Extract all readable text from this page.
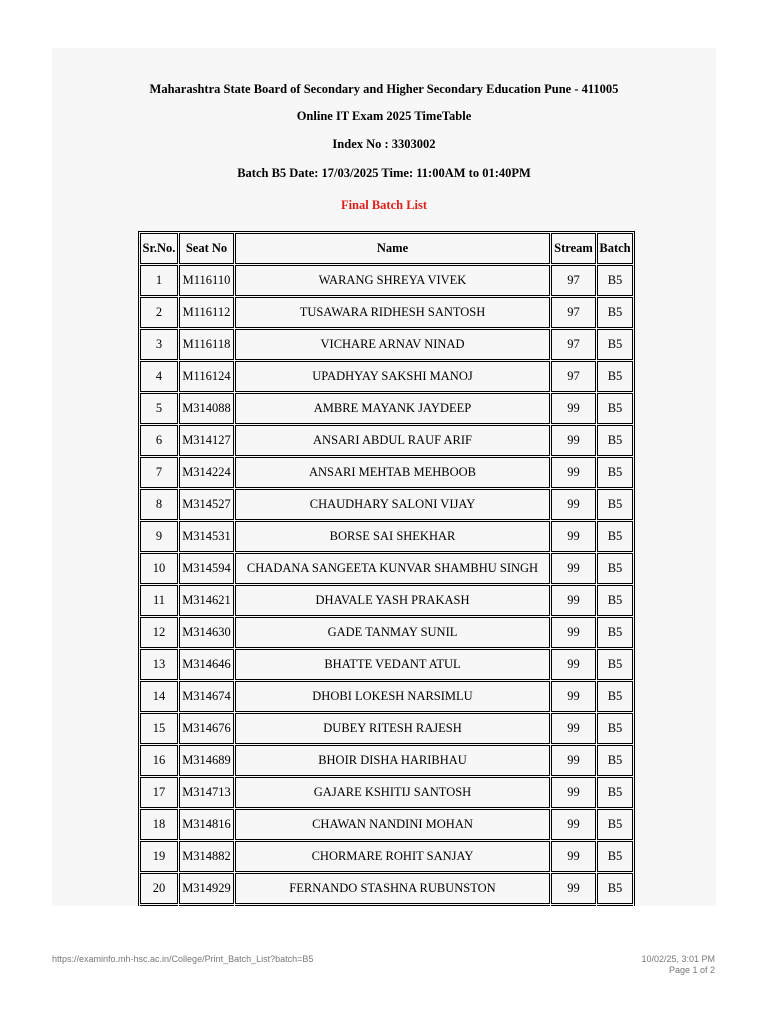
Maharashtra State Board of Secondary and Higher Secondary Education Pune - 411005
Online IT Exam 2025 TimeTable
Index No : 3303002
Batch B5 Date: 17/03/2025 Time: 11:00AM to 01:40PM
Final Batch List
Sr.No.	Seat No	Name	Stream	Batch
1	M116110	WARANG SHREYA VIVEK	97	B5
2	M116112	TUSAWARA RIDHESH SANTOSH	97	B5
3	M116118	VICHARE ARNAV NINAD	97	B5
4	M116124	UPADHYAY SAKSHI MANOJ	97	B5
5	M314088	AMBRE MAYANK JAYDEEP	99	B5
6	M314127	ANSARI ABDUL RAUF ARIF	99	B5
7	M314224	ANSARI MEHTAB MEHBOOB	99	B5
8	M314527	CHAUDHARY SALONI VIJAY	99	B5
9	M314531	BORSE SAI SHEKHAR	99	B5
10	M314594	CHADANA SANGEETA KUNVAR SHAMBHU SINGH	99	B5
11	M314621	DHAVALE YASH PRAKASH	99	B5
12	M314630	GADE TANMAY SUNIL	99	B5
13	M314646	BHATTE VEDANT ATUL	99	B5
14	M314674	DHOBI LOKESH NARSIMLU	99	B5
15	M314676	DUBEY RITESH RAJESH	99	B5
16	M314689	BHOIR DISHA HARIBHAU	99	B5
17	M314713	GAJARE KSHITIJ SANTOSH	99	B5
18	M314816	CHAWAN NANDINI MOHAN	99	B5
19	M314882	CHORMARE ROHIT SANJAY	99	B5
20	M314929	FERNANDO STASHNA RUBUNSTON	99	B5

https://examinfo.mh-hsc.ac.in/College/Print_Batch_List?batch=B5	10/02/25, 3:01 PM
Page 1 of 2
